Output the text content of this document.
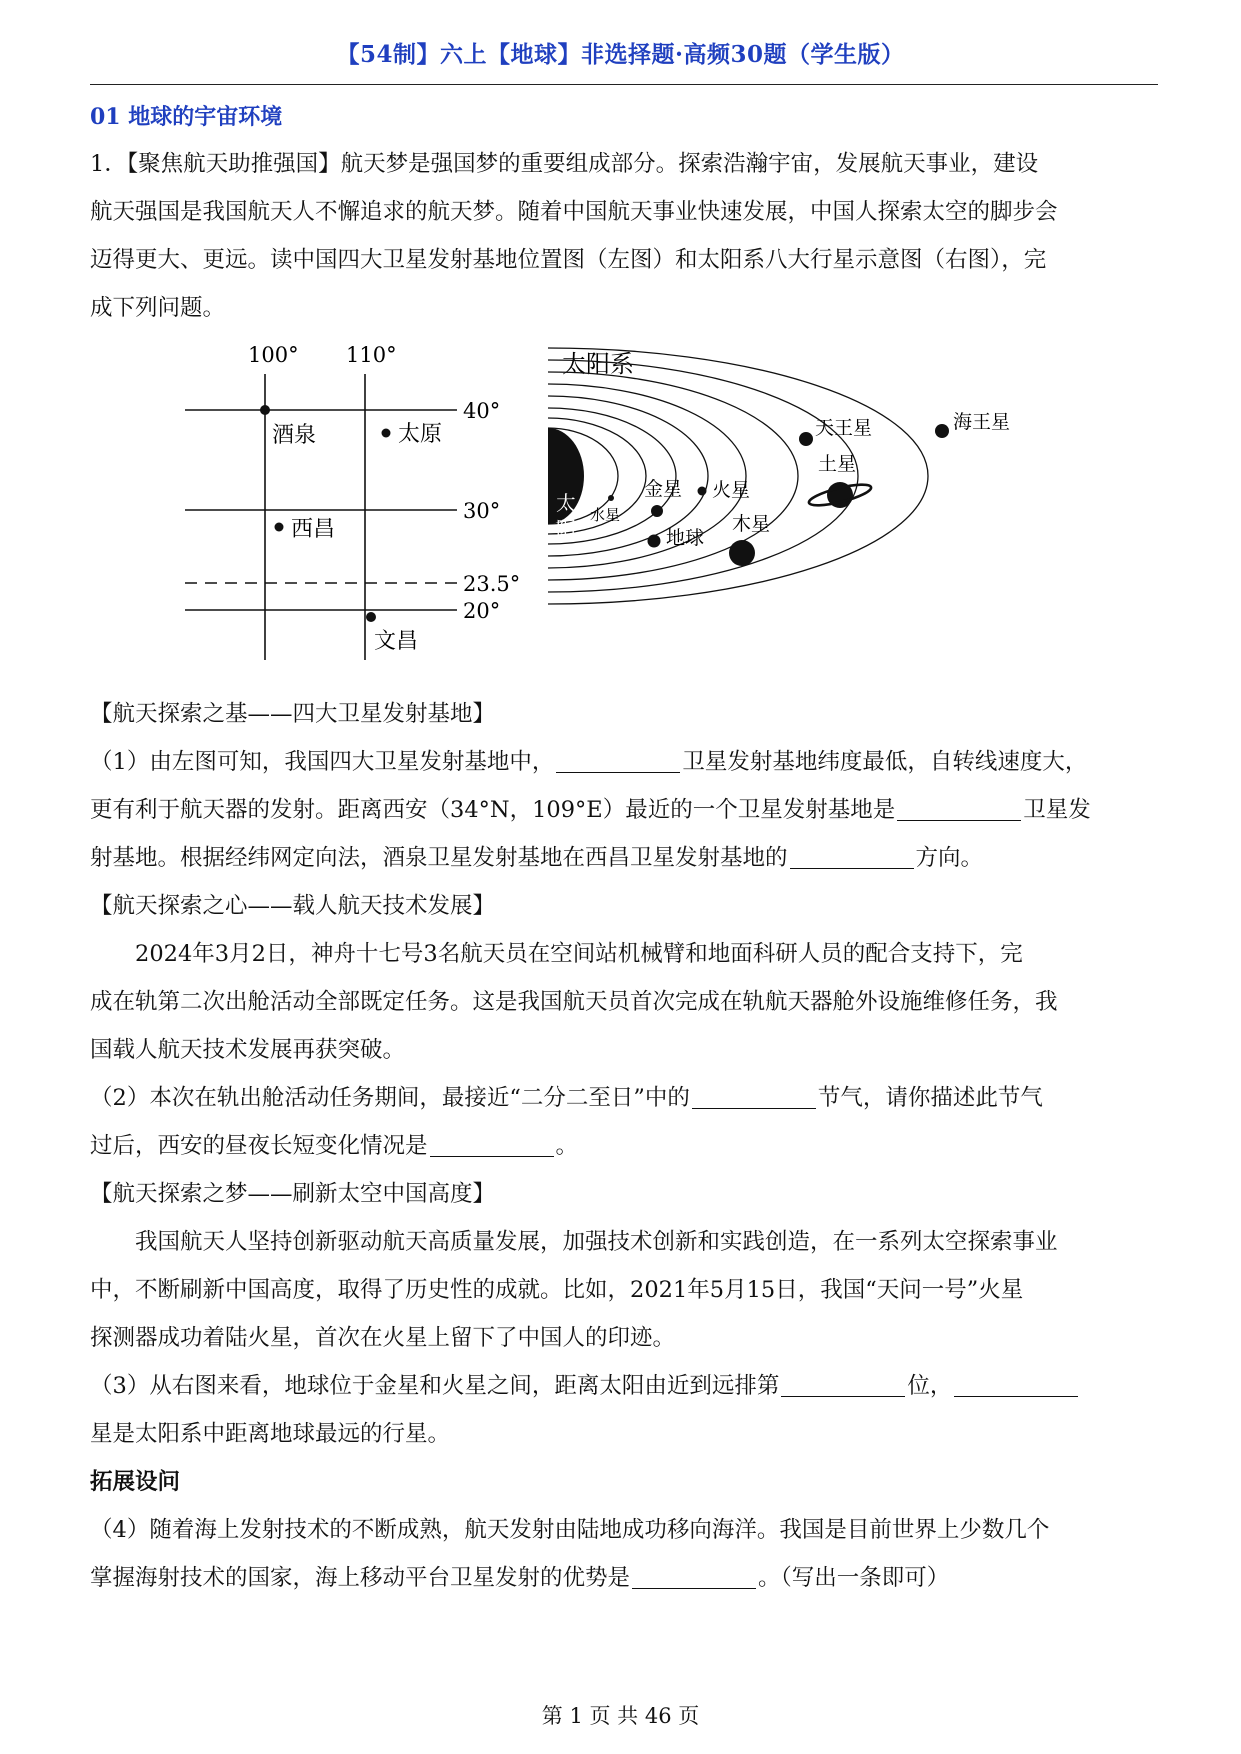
【54制】六上【地球】非选择题·高频30题（学生版）
01 地球的宇宙环境
1．【聚焦航天助推强国】航天梦是强国梦的重要组成部分。探索浩瀚宇宙，发展航天事业，建设
航天强国是我国航天人不懈追求的航天梦。随着中国航天事业快速发展，中国人探索太空的脚步会
迈得更大、更远。读中国四大卫星发射基地位置图（左图）和太阳系八大行星示意图（右图），完
成下列问题。
100° 110°
40°
30°
23.5°
20°
酒泉	太原
西昌
文昌
太阳系
太
阳
水星
金星
地球
火星
木星
土星
天王星	海王星
【航天探索之基——四大卫星发射基地】
（1）由左图可知，我国四大卫星发射基地中，	卫星发射基地纬度最低，自转线速度大，
更有利于航天器的发射。距离西安（34°N，109°E）最近的一个卫星发射基地是	卫星发
射基地。根据经纬网定向法，酒泉卫星发射基地在西昌卫星发射基地的	方向。
【航天探索之心——载人航天技术发展】
2024年3月2日，神舟十七号3名航天员在空间站机械臂和地面科研人员的配合支持下，完
成在轨第二次出舱活动全部既定任务。这是我国航天员首次完成在轨航天器舱外设施维修任务，我
国载人航天技术发展再获突破。
（2）本次在轨出舱活动任务期间，最接近“二分二至日”中的	节气，请你描述此节气
过后，西安的昼夜长短变化情况是	。
【航天探索之梦——刷新太空中国高度】
我国航天人坚持创新驱动航天高质量发展，加强技术创新和实践创造，在一系列太空探索事业
中，不断刷新中国高度，取得了历史性的成就。比如，2021年5月15日，我国“天问一号”火星
探测器成功着陆火星，首次在火星上留下了中国人的印迹。
（3）从右图来看，地球位于金星和火星之间，距离太阳由近到远排第	位，
星是太阳系中距离地球最远的行星。
拓展设问
（4）随着海上发射技术的不断成熟，航天发射由陆地成功移向海洋。我国是目前世界上少数几个
掌握海射技术的国家，海上移动平台卫星发射的优势是	。（写出一条即可）
第 1 页 共 46 页
